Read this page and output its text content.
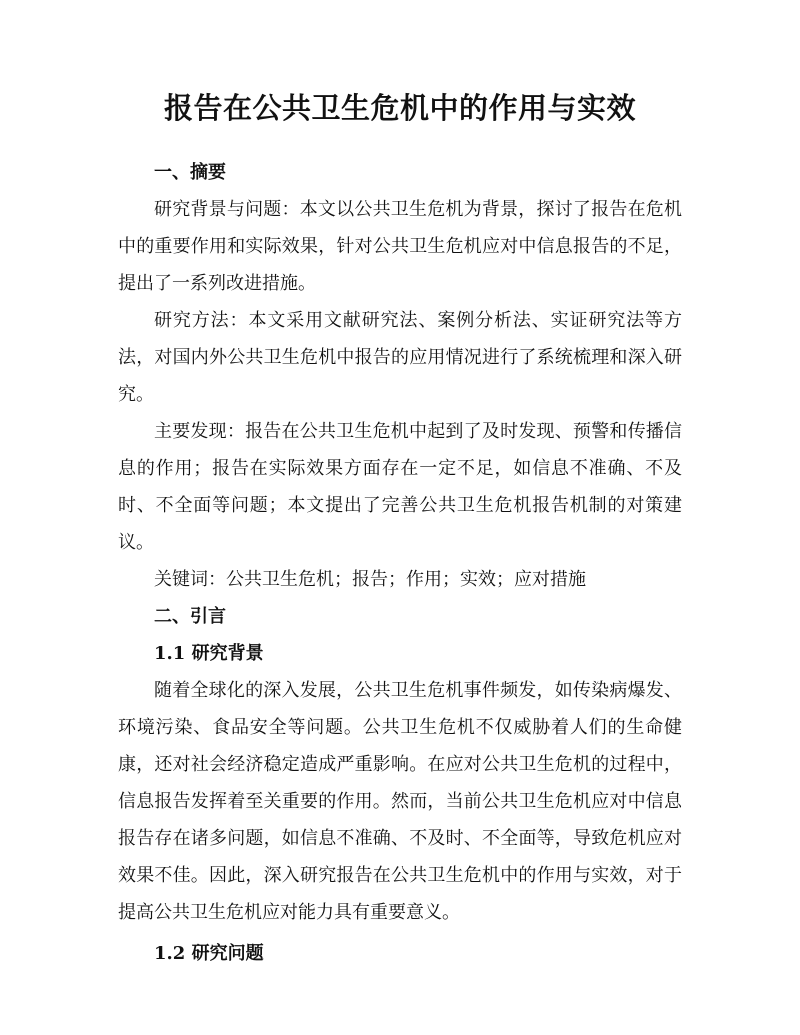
报告在公共卫生危机中的作用与实效
一、摘要

研究背景与问题：本文以公共卫生危机为背景，探讨了报告在危机中的重要作用和实际效果，针对公共卫生危机应对中信息报告的不足，提出了一系列改进措施。

研究方法：本文采用文献研究法、案例分析法、实证研究法等方法，对国内外公共卫生危机中报告的应用情况进行了系统梳理和深入研究。

主要发现：报告在公共卫生危机中起到了及时发现、预警和传播信息的作用；报告在实际效果方面存在一定不足，如信息不准确、不及时、不全面等问题；本文提出了完善公共卫生危机报告机制的对策建议。

关键词：公共卫生危机；报告；作用；实效；应对措施

二、引言
1.1 研究背景

随着全球化的深入发展，公共卫生危机事件频发，如传染病爆发、环境污染、食品安全等问题。公共卫生危机不仅威胁着人们的生命健康，还对社会经济稳定造成严重影响。在应对公共卫生危机的过程中，信息报告发挥着至关重要的作用。然而，当前公共卫生危机应对中信息报告存在诸多问题，如信息不准确、不及时、不全面等，导致危机应对效果不佳。因此，深入研究报告在公共卫生危机中的作用与实效，对于提高公共卫生危机应对能力具有重要意义。

1.2 研究问题
